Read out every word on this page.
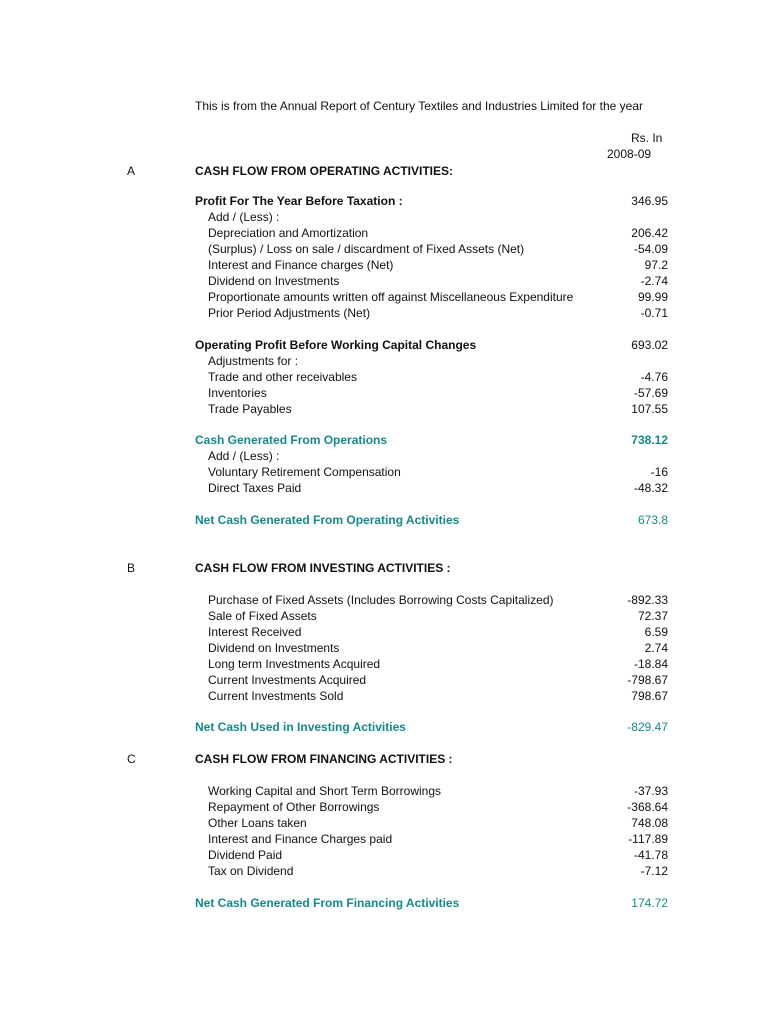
This is from the Annual Report of Century Textiles and Industries Limited for the year
Rs. In
2008-09
A	CASH FLOW FROM OPERATING ACTIVITIES:
Profit For The Year Before Taxation :	346.95
Add / (Less) :
Depreciation and Amortization	206.42
(Surplus) / Loss on sale / discardment of Fixed Assets (Net)	-54.09
Interest and Finance charges (Net)	97.2
Dividend on Investments	-2.74
Proportionate amounts written off against Miscellaneous Expenditure	99.99
Prior Period Adjustments (Net)	-0.71
Operating Profit Before Working Capital Changes	693.02
Adjustments for :
Trade and other receivables	-4.76
Inventories	-57.69
Trade Payables	107.55
Cash Generated From Operations	738.12
Add / (Less) :
Voluntary Retirement Compensation	-16
Direct Taxes Paid	-48.32
Net Cash Generated From Operating Activities	673.8
B	CASH FLOW FROM INVESTING ACTIVITIES :
Purchase of Fixed Assets (Includes Borrowing Costs Capitalized)	-892.33
Sale of Fixed Assets	72.37
Interest Received	6.59
Dividend on Investments	2.74
Long term Investments Acquired	-18.84
Current Investments Acquired	-798.67
Current Investments Sold	798.67
Net Cash Used in Investing Activities	-829.47
C	CASH FLOW FROM FINANCING ACTIVITIES :
Working Capital and Short Term Borrowings	-37.93
Repayment of Other Borrowings	-368.64
Other Loans taken	748.08
Interest and Finance Charges paid	-117.89
Dividend Paid	-41.78
Tax on Dividend	-7.12
Net Cash Generated From Financing Activities	174.72
